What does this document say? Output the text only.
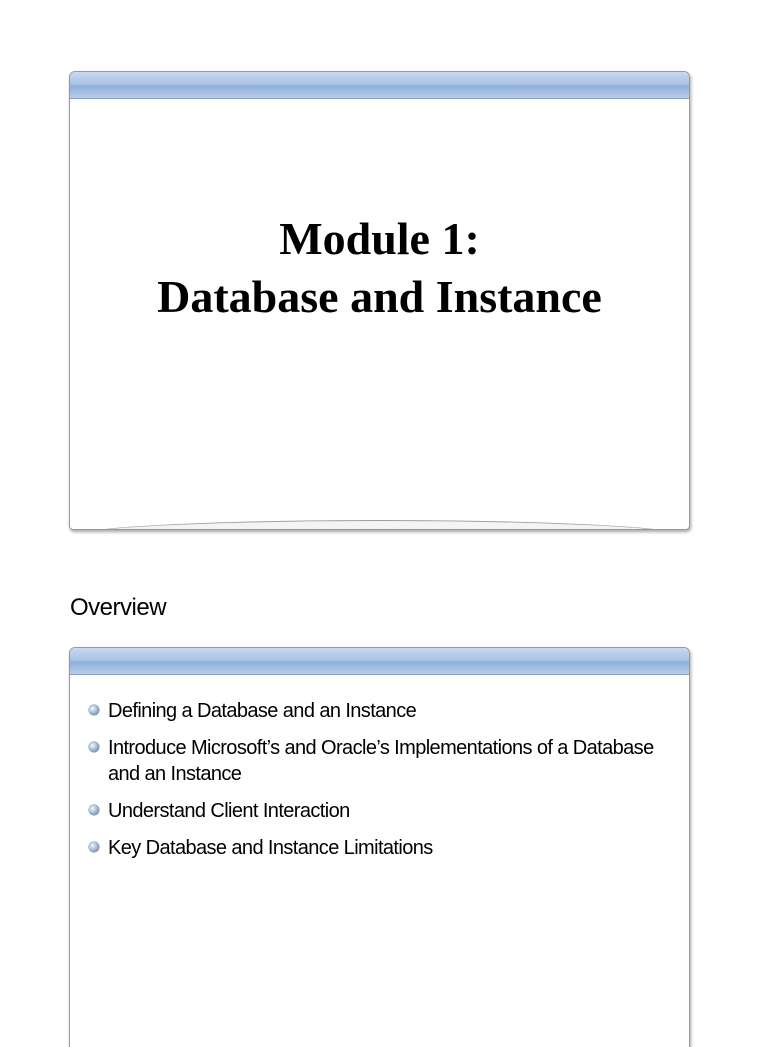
Module 1:
Database and Instance
Overview
Defining a Database and an Instance
Introduce Microsoft’s and Oracle’s Implementations of a Database and an Instance
Understand Client Interaction
Key Database and Instance Limitations
